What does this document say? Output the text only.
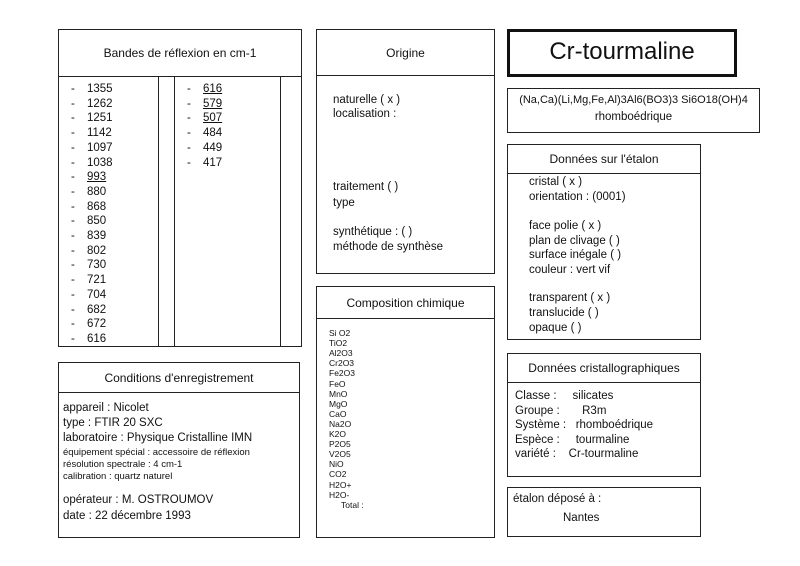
Bandes de réflexion en cm-1
- 1355
- 1262
- 1251
- 1142
- 1097
- 1038
- 993
- 880
- 868
- 850
- 839
- 802
- 730
- 721
- 704
- 682
- 672
- 616
- 616
- 579
- 507
- 484
- 449
- 417
Conditions d'enregistrement
appareil : Nicolet
type : FTIR 20 SXC
laboratoire : Physique Cristalline IMN
équipement spécial : accessoire de réflexion
résolution spectrale : 4 cm-1
calibration : quartz naturel
opérateur : M. OSTROUMOV
date : 22 décembre 1993
Origine
naturelle ( x )
localisation :
traitement ( )
type
synthétique : ( )
méthode de synthèse
Composition chimique
Si O2
TiO2
Al2O3
Cr2O3
Fe2O3
FeO
MnO
MgO
CaO
Na2O
K2O
P2O5
V2O5
NiO
CO2
H2O+
H2O-
Total :
Cr-tourmaline
(Na,Ca)(Li,Mg,Fe,Al)3Al6(BO3)3 Si6O18(OH)4
rhomboédrique
Données sur l'étalon
cristal ( x )
orientation : (0001)
face polie ( x )
plan de clivage ( )
surface inégale ( )
couleur : vert vif
transparent ( x )
translucide ( )
opaque ( )
Données cristallographiques
Classe :     silicates
Groupe :       R3m
Système :   rhomboédrique
Espèce :     tourmaline
variété :    Cr-tourmaline
étalon déposé à :
Nantes
